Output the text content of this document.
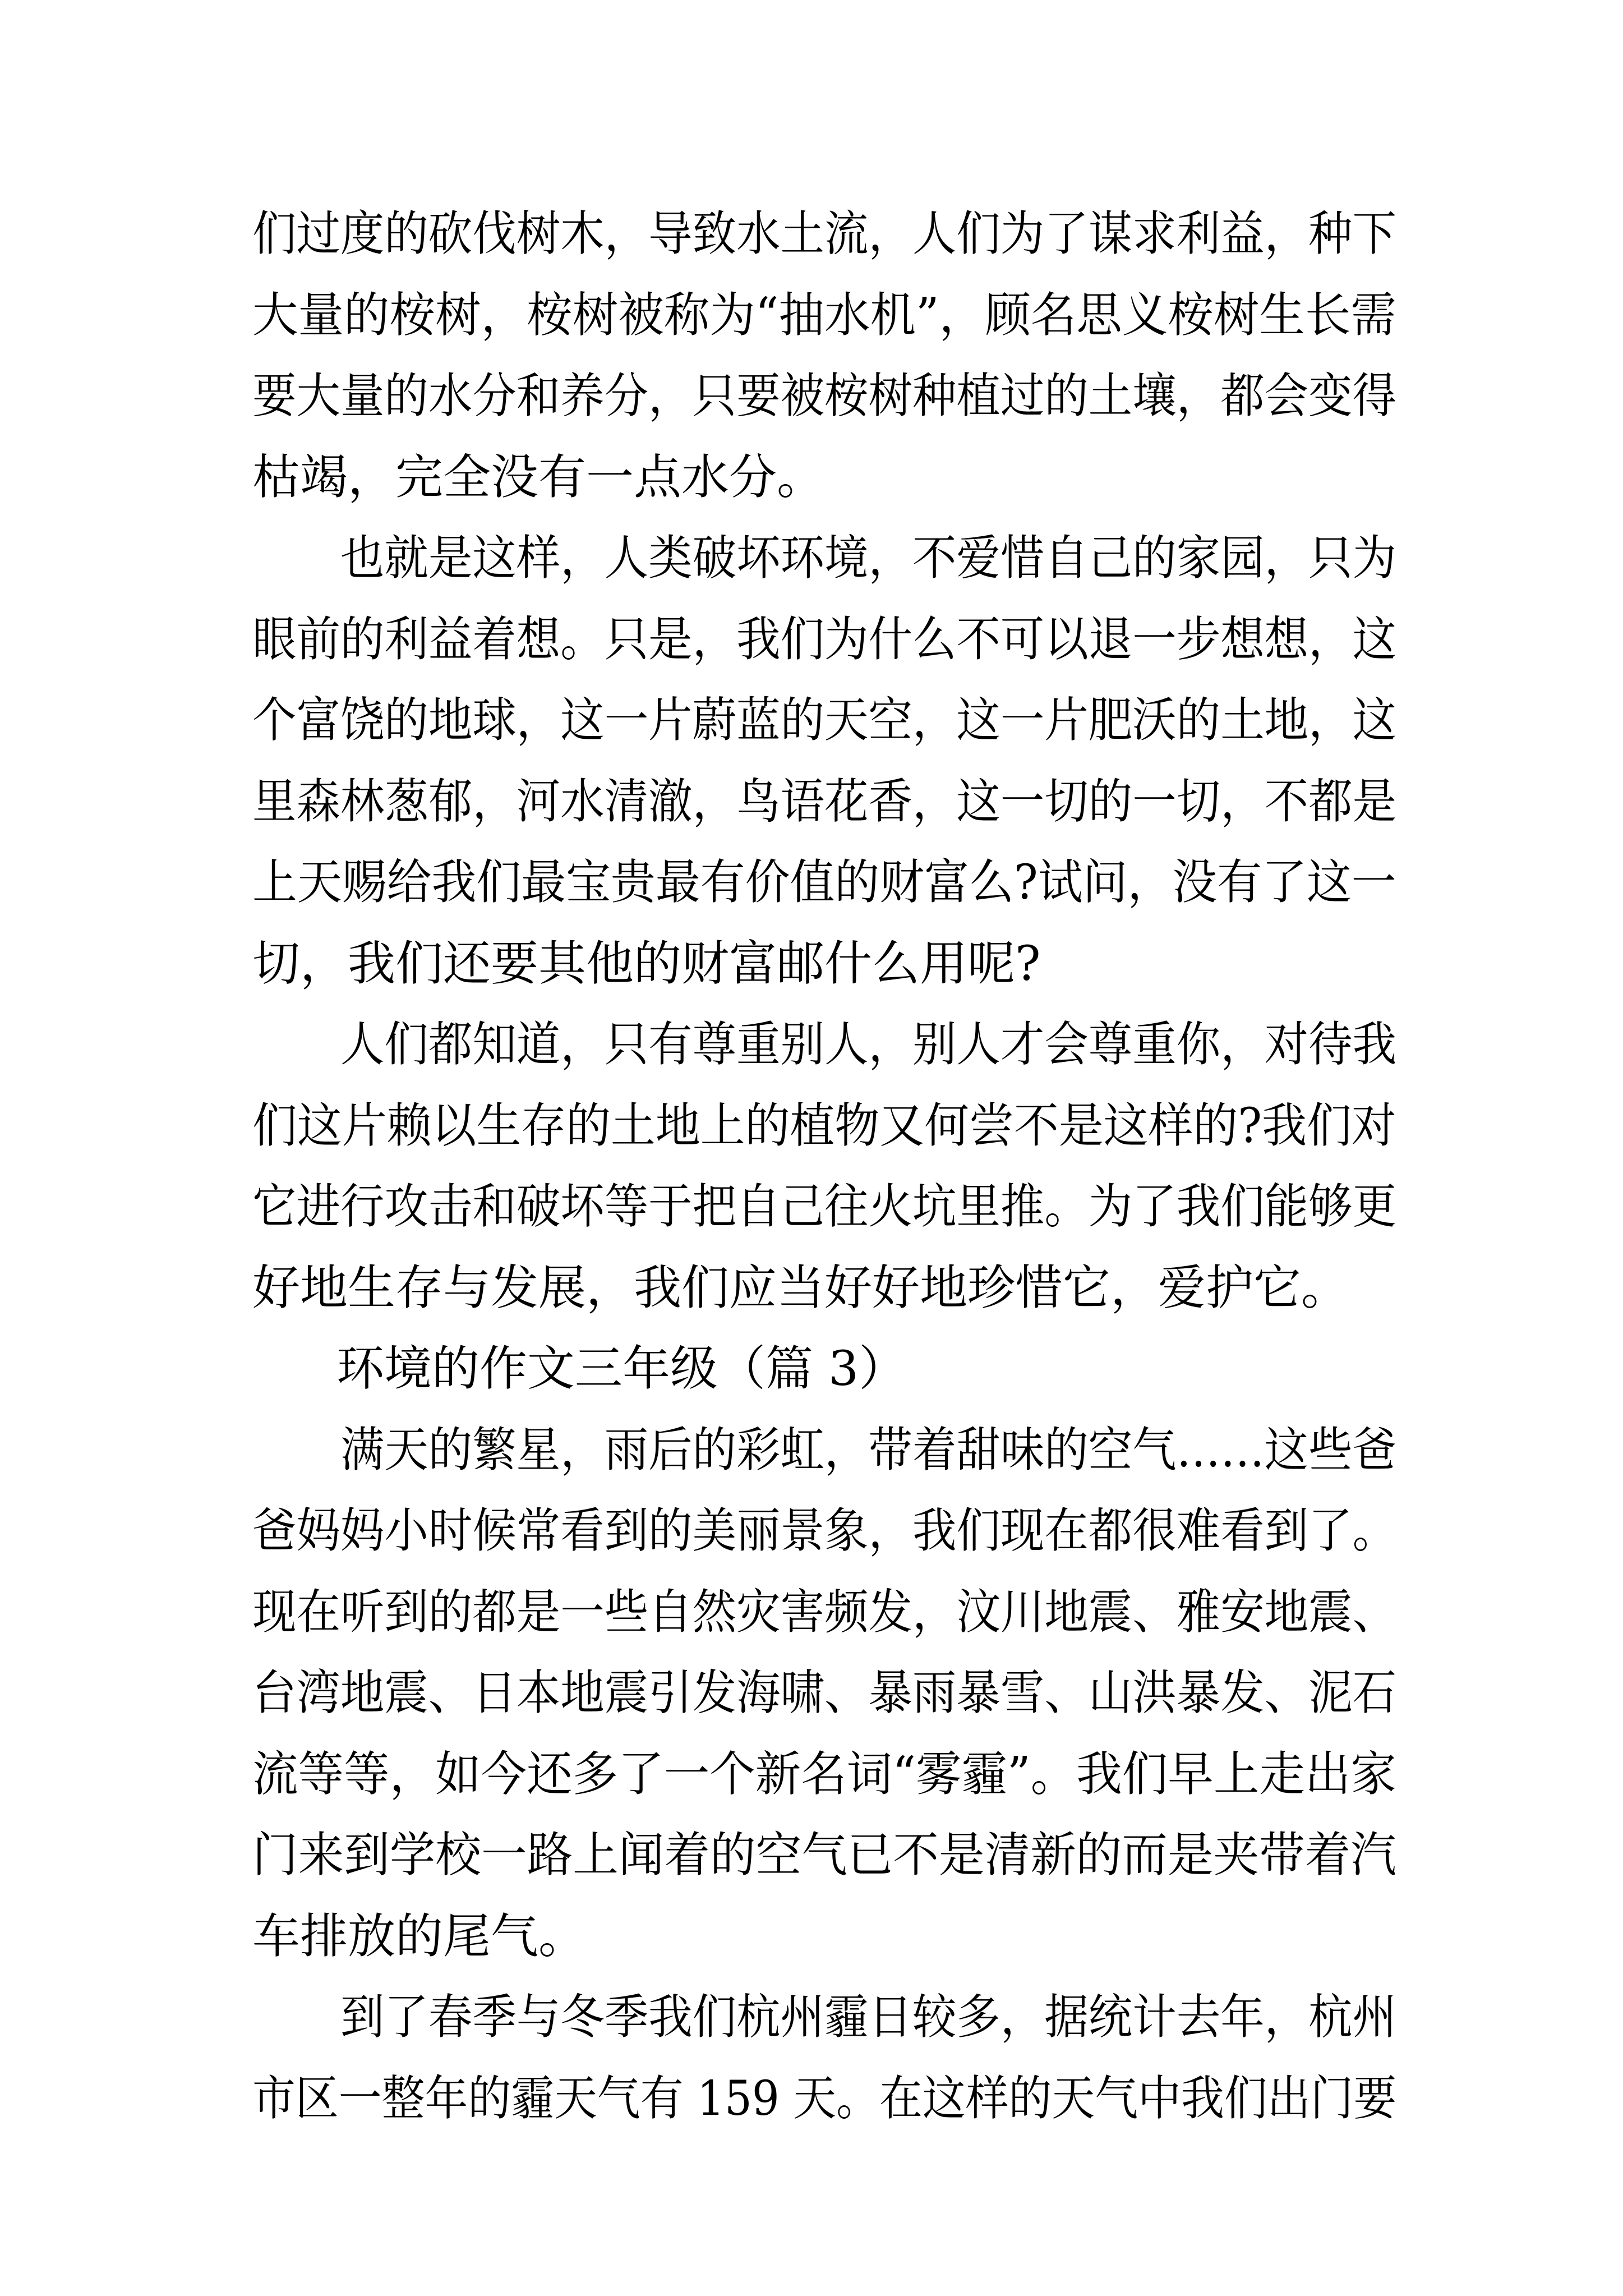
们过度的砍伐树木，导致水土流，人们为了谋求利益，种下
大量的桉树，桉树被称为“抽水机”，顾名思义桉树生长需
要大量的水分和养分，只要被桉树种植过的土壤，都会变得
枯竭，完全没有一点水分。
也就是这样，人类破坏环境，不爱惜自己的家园，只为
眼前的利益着想。只是，我们为什么不可以退一步想想，这
个富饶的地球，这一片蔚蓝的天空，这一片肥沃的土地，这
里森林葱郁，河水清澈，鸟语花香，这一切的一切，不都是
上天赐给我们最宝贵最有价值的财富么?试问，没有了这一
切，我们还要其他的财富邮什么用呢?
人们都知道，只有尊重别人，别人才会尊重你，对待我
们这片赖以生存的土地上的植物又何尝不是这样的?我们对
它进行攻击和破坏等于把自己往火坑里推。为了我们能够更
好地生存与发展，我们应当好好地珍惜它，爱护它。
环境的作文三年级（篇 3）
满天的繁星，雨后的彩虹，带着甜味的空气……这些爸
爸妈妈小时候常看到的美丽景象，我们现在都很难看到了。
现在听到的都是一些自然灾害频发，汶川地震、雅安地震、
台湾地震、日本地震引发海啸、暴雨暴雪、山洪暴发、泥石
流等等，如今还多了一个新名词“雾霾”。我们早上走出家
门来到学校一路上闻着的空气已不是清新的而是夹带着汽
车排放的尾气。
到了春季与冬季我们杭州霾日较多，据统计去年，杭州
市区一整年的霾天气有 159 天。在这样的天气中我们出门要
